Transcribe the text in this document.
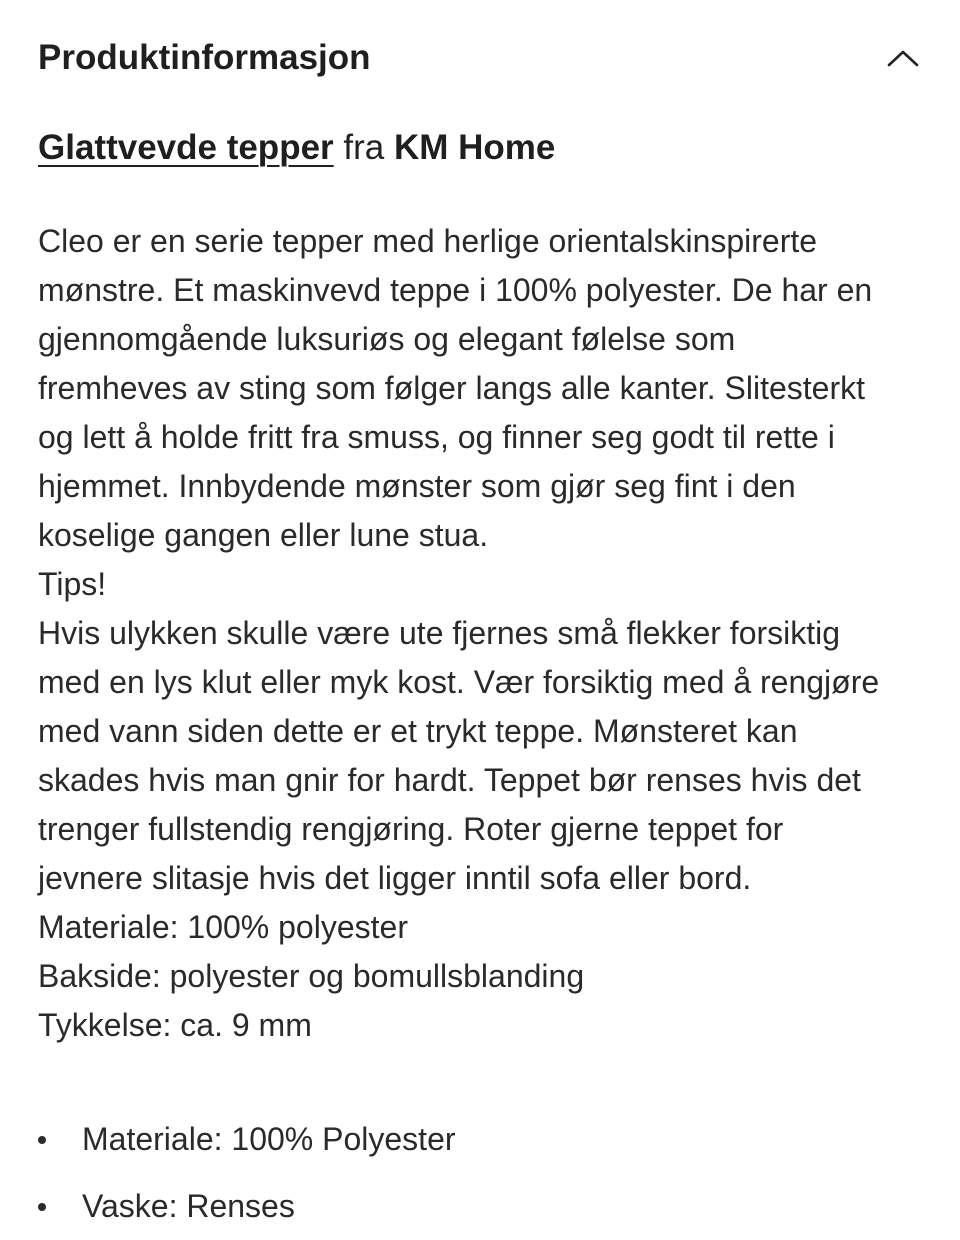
Produktinformasjon
Glattvevde tepper fra KM Home
Cleo er en serie tepper med herlige orientalskinspirerte
mønstre. Et maskinvevd teppe i 100% polyester. De har en
gjennomgående luksuriøs og elegant følelse som
fremheves av sting som følger langs alle kanter. Slitesterkt
og lett å holde fritt fra smuss, og finner seg godt til rette i
hjemmet. Innbydende mønster som gjør seg fint i den
koselige gangen eller lune stua.
Tips!
Hvis ulykken skulle være ute fjernes små flekker forsiktig
med en lys klut eller myk kost. Vær forsiktig med å rengjøre
med vann siden dette er et trykt teppe. Mønsteret kan
skades hvis man gnir for hardt. Teppet bør renses hvis det
trenger fullstendig rengjøring. Roter gjerne teppet for
jevnere slitasje hvis det ligger inntil sofa eller bord.
Materiale: 100% polyester
Bakside: polyester og bomullsblanding
Tykkelse: ca. 9 mm
Materiale: 100% Polyester
Vaske: Renses
